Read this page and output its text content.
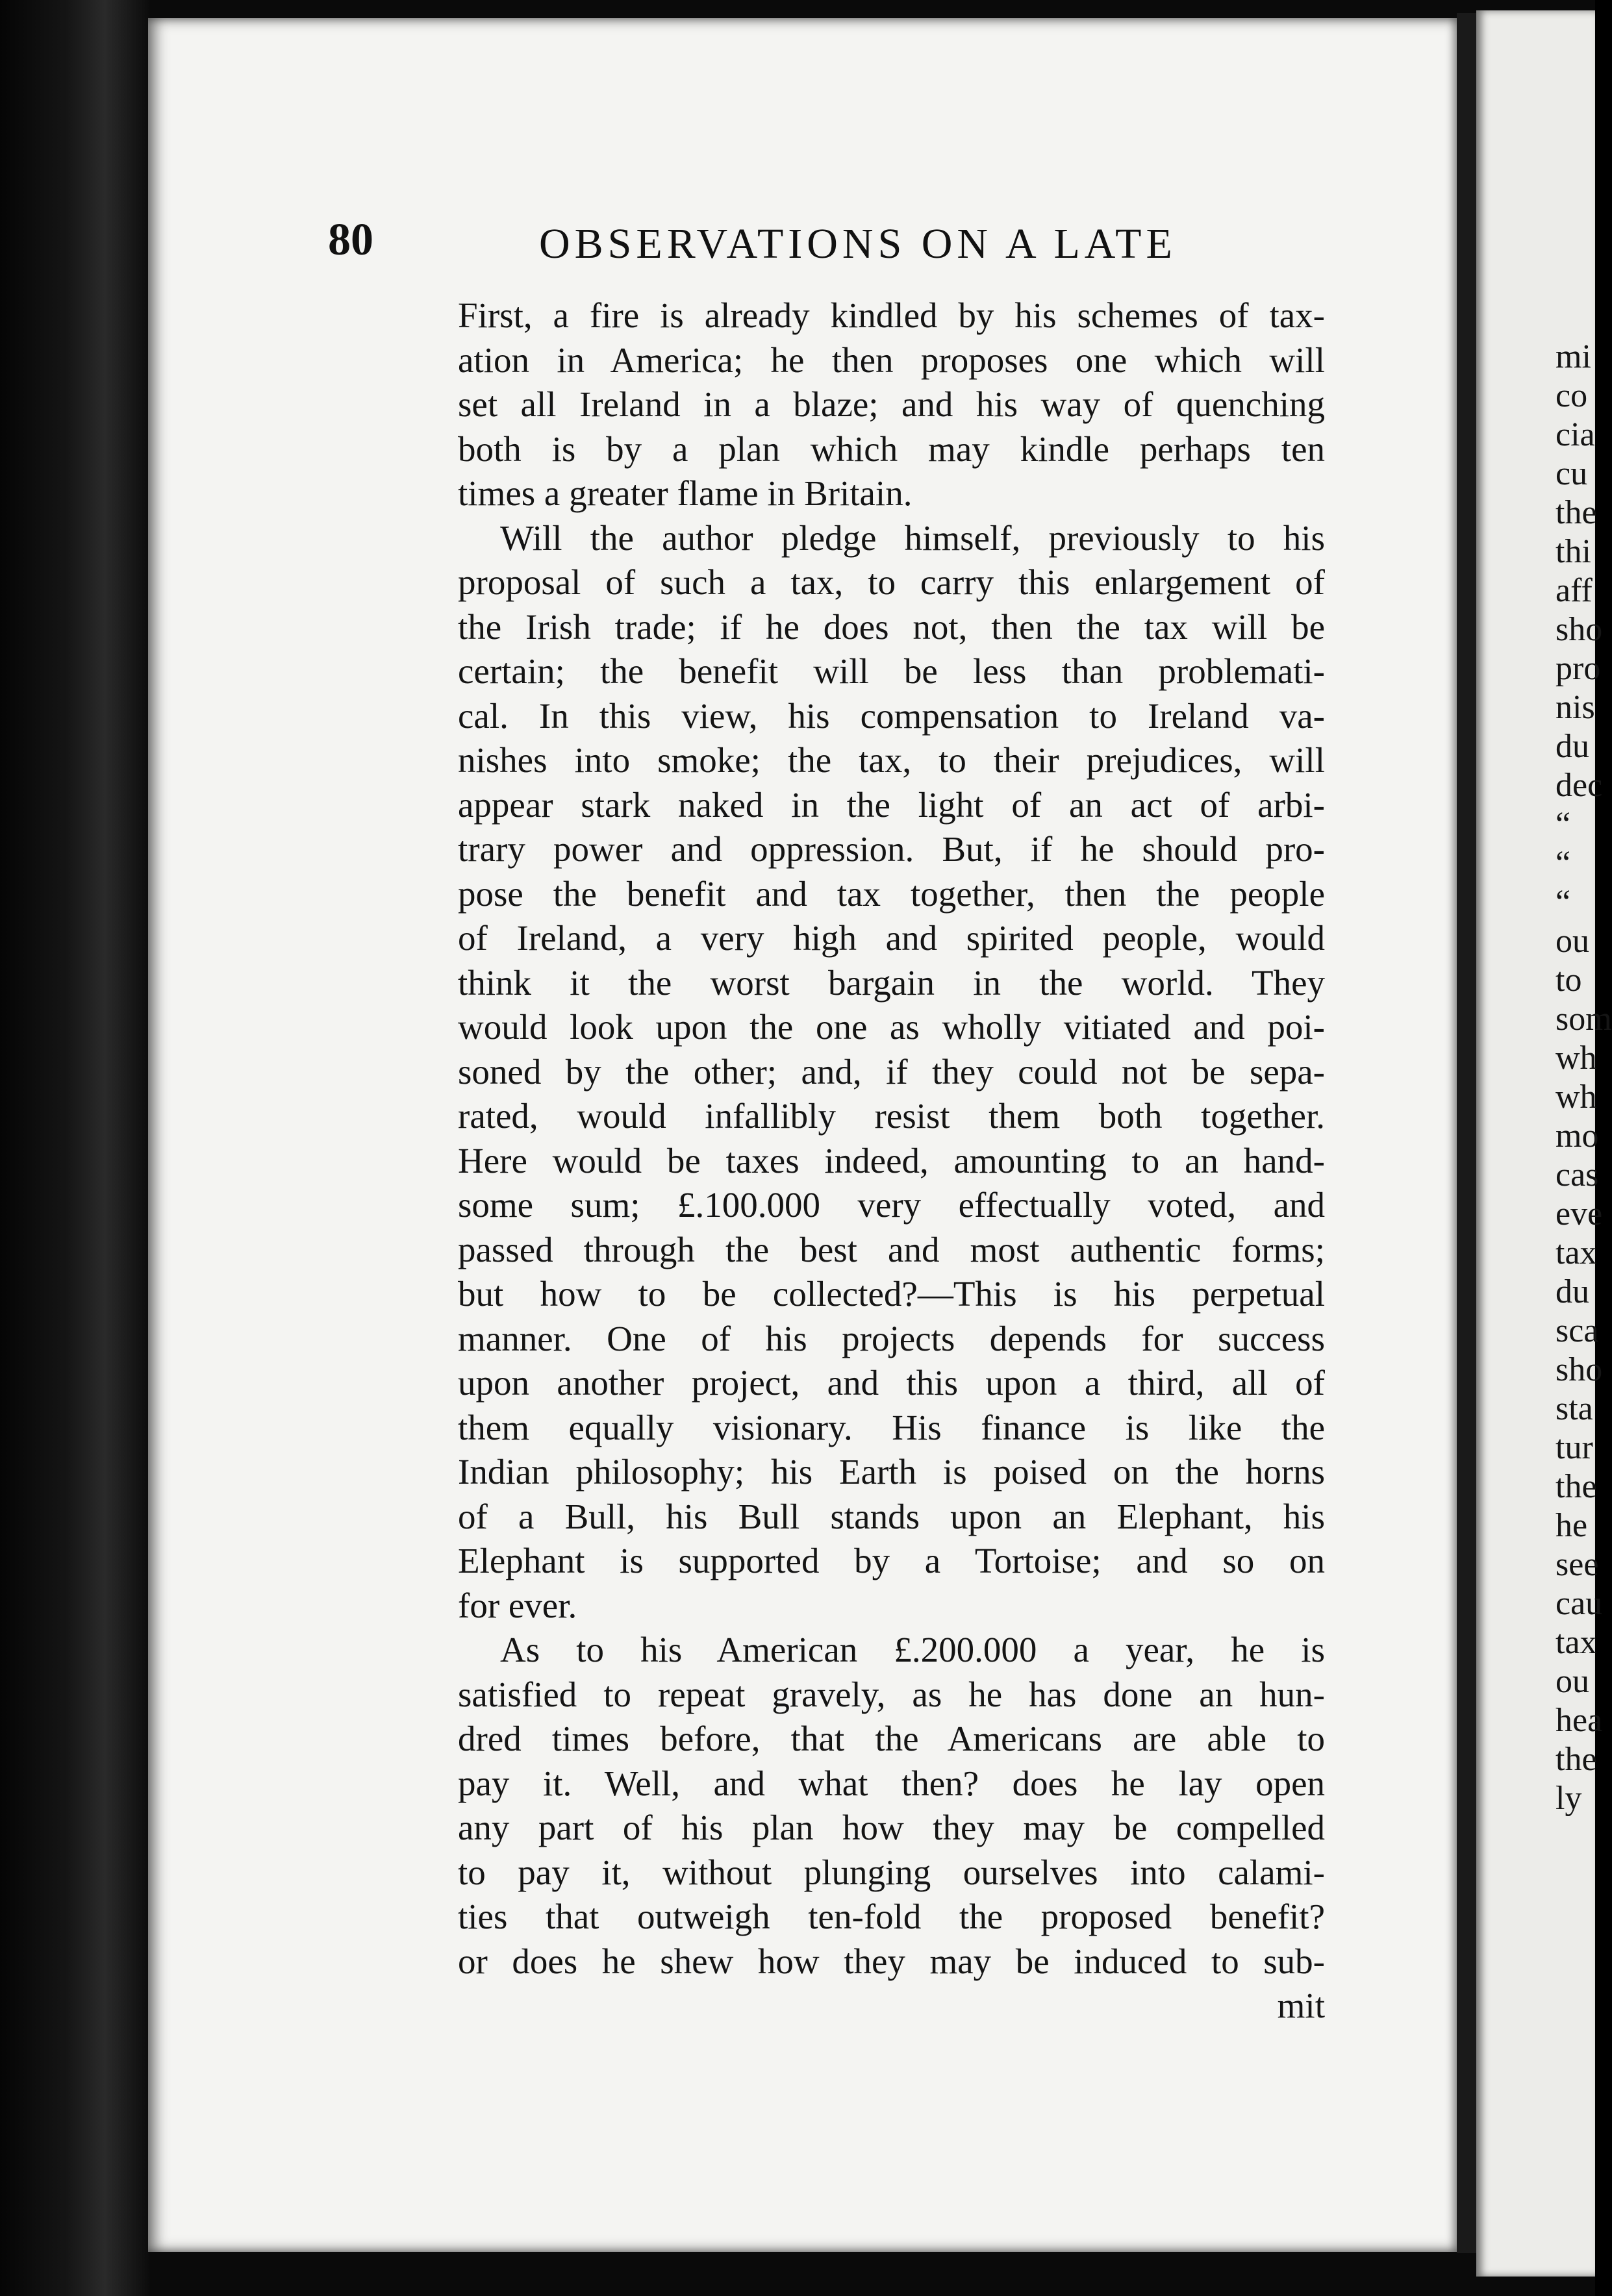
80	OBSERVATIONS ON A LATE
First, a fire is already kindled by his schemes of tax-
ation in America; he then proposes one which will
set all Ireland in a blaze; and his way of quenching
both is by a plan which may kindle perhaps ten
times a greater flame in Britain.
Will the author pledge himself, previously to his
proposal of such a tax, to carry this enlargement of
the Irish trade; if he does not, then the tax will be
certain; the benefit will be less than problemati-
cal. In this view, his compensation to Ireland va-
nishes into smoke; the tax, to their prejudices, will
appear stark naked in the light of an act of arbi-
trary power and oppression. But, if he should pro-
pose the benefit and tax together, then the people
of Ireland, a very high and spirited people, would
think it the worst bargain in the world. They
would look upon the one as wholly vitiated and poi-
soned by the other; and, if they could not be sepa-
rated, would infallibly resist them both together.
Here would be taxes indeed, amounting to an hand-
some sum; £.100.000 very effectually voted, and
passed through the best and most authentic forms;
but how to be collected?—This is his perpetual
manner. One of his projects depends for success
upon another project, and this upon a third, all of
them equally visionary. His finance is like the
Indian philosophy; his Earth is poised on the horns
of a Bull, his Bull stands upon an Elephant, his
Elephant is supported by a Tortoise; and so on
for ever.
As to his American £.200.000 a year, he is
satisfied to repeat gravely, as he has done an hun-
dred times before, that the Americans are able to
pay it. Well, and what then? does he lay open
any part of his plan how they may be compelled
to pay it, without plunging ourselves into calami-
ties that outweigh ten-fold the proposed benefit?
or does he shew how they may be induced to sub-
mit
mi
co
cia
cu
the
thi
aff
sho
pro
nis
du
dec
“
“
“
ou
to
som
wh
wh
mo
cas
eve
tax
du
sca
sho
sta
tur
the
he
see
cau
tax
ou
hea
the
ly
